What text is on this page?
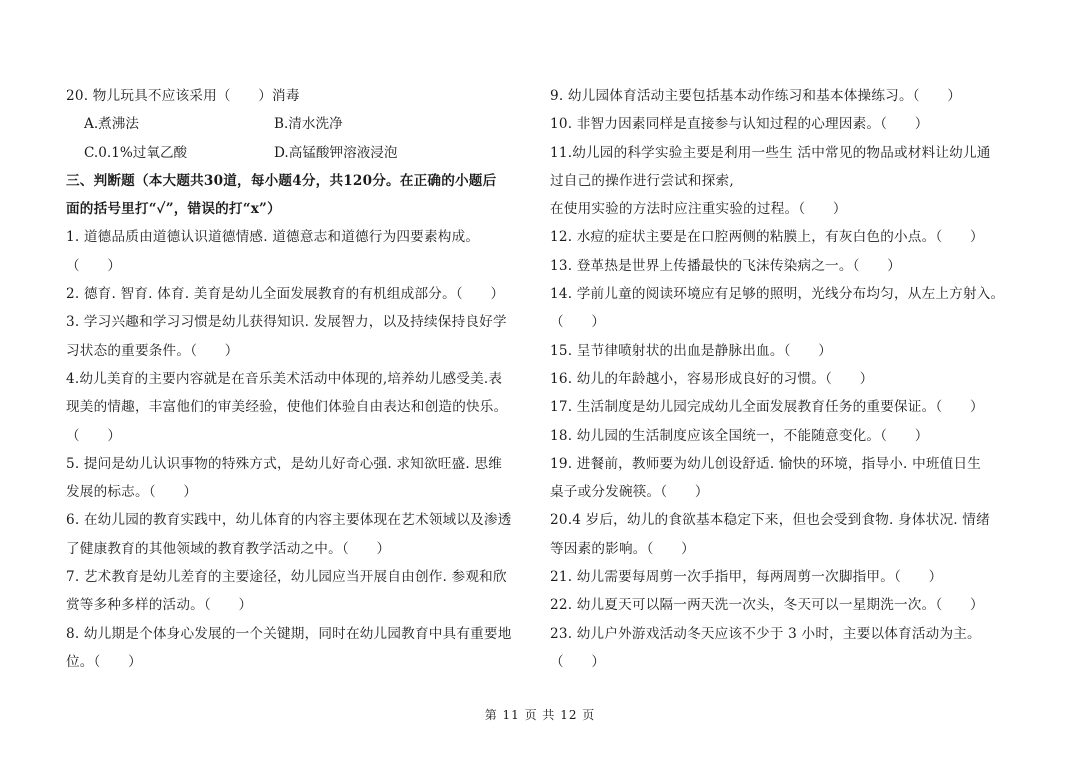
20. 物儿玩具不应该采用（　　）消毒
A.煮沸法	B.清水洗净
C.0.1%过氧乙酸	D.高锰酸钾溶液浸泡
三、判断题（本大题共30道，每小题4分，共120分。在正确的小题后
面的括号里打“✓”，错误的打“x”）
1. 道德品质由道德认识道德情感. 道德意志和道德行为四要素构成。
（　　）
2. 德育. 智育. 体育. 美育是幼儿全面发展教育的有机组成部分。（　　）
3. 学习兴趣和学习习惯是幼儿获得知识. 发展智力，以及持续保持良好学
习状态的重要条件。（　　）
4.幼儿美育的主要内容就是在音乐美术活动中体现的,培养幼儿感受美.表
现美的情趣，丰富他们的审美经验，使他们体验自由表达和创造的快乐。
（　　）
5. 提问是幼儿认识事物的特殊方式，是幼儿好奇心强. 求知欲旺盛. 思维
发展的标志。（　　）
6. 在幼儿园的教育实践中，幼儿体育的内容主要体现在艺术领域以及渗透
了健康教育的其他领域的教育教学活动之中。（　　）
7. 艺术教育是幼儿差育的主要途径，幼儿园应当开展自由创作. 参观和欣
赏等多种多样的活动。（　　）
8. 幼儿期是个体身心发展的一个关键期，同时在幼儿园教育中具有重要地
位。（　　）
9. 幼儿园体育活动主要包括基本动作练习和基本体操练习。（　　）
10. 非智力因素同样是直接参与认知过程的心理因素。（　　）
11.幼儿园的科学实验主要是利用一些生 活中常见的物品或材料让幼儿通
过自己的操作进行尝试和探索,
在使用实验的方法时应注重实验的过程。（　　）
12. 水痘的症状主要是在口腔两侧的粘膜上，有灰白色的小点。（　　）
13. 登革热是世界上传播最快的飞沫传染病之一。（　　）
14. 学前儿童的阅读环境应有足够的照明，光线分布均匀，从左上方射入。
（　　）
15. 呈节律喷射状的出血是静脉出血。（　　）
16. 幼儿的年龄越小，容易形成良好的习惯。（　　）
17. 生活制度是幼儿园完成幼儿全面发展教育任务的重要保证。（　　）
18. 幼儿园的生活制度应该全国统一，不能随意变化。（　　）
19. 进餐前，教师要为幼儿创设舒适. 愉快的环境，指导小. 中班值日生
桌子或分发碗筷。（　　）
20.4 岁后，幼儿的食欲基本稳定下来，但也会受到食物. 身体状况. 情绪
等因素的影响。（　　）
21. 幼儿需要每周剪一次手指甲，每两周剪一次脚指甲。（　　）
22. 幼儿夏天可以隔一两天洗一次头，冬天可以一星期洗一次。（　　）
23. 幼儿户外游戏活动冬天应该不少于 3 小时，主要以体育活动为主。
（　　）
第 11 页 共 12 页
